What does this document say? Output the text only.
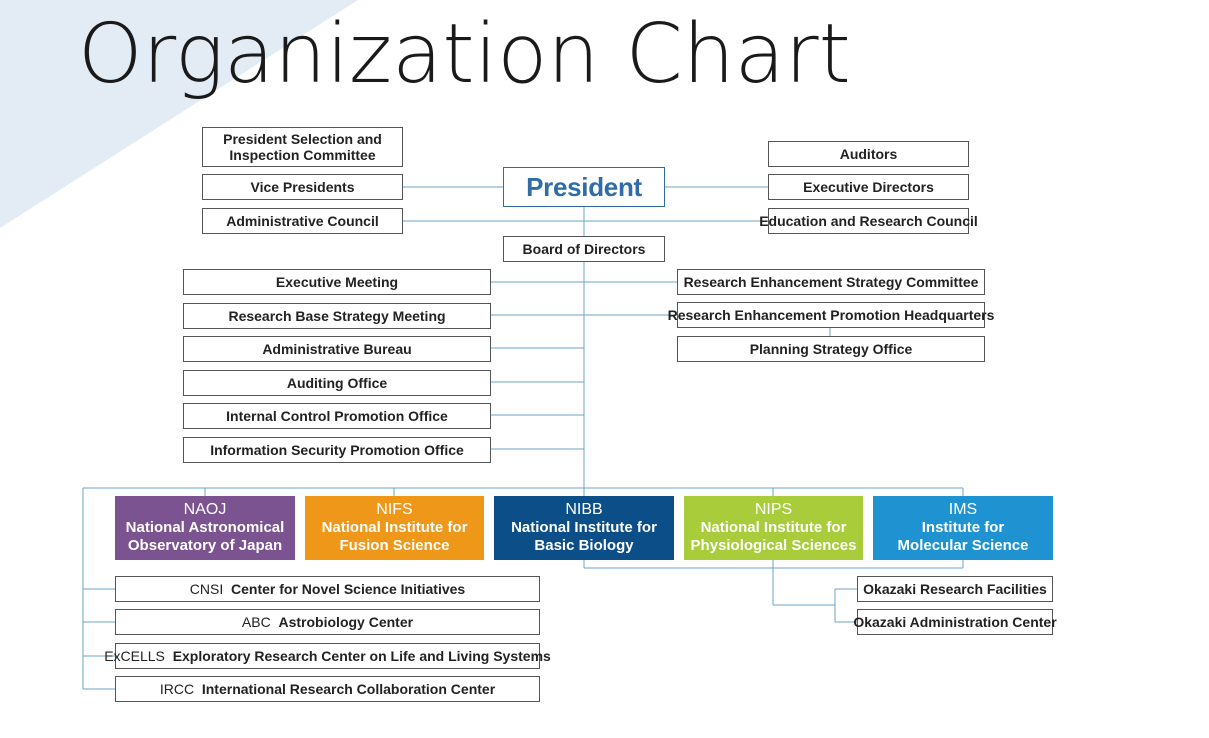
Organization Chart
President Selection and
Inspection Committee
Vice Presidents
Administrative Council
President
Auditors
Executive Directors
Education and Research Council
Board of Directors
Executive Meeting
Research Base Strategy Meeting
Administrative Bureau
Auditing Office
Internal Control Promotion Office
Information Security Promotion Office
Research Enhancement Strategy Committee
Research Enhancement Promotion Headquarters
Planning Strategy Office
NAOJ
National Astronomical
Observatory of Japan
NIFS
National Institute for
Fusion Science
NIBB
National Institute for
Basic Biology
NIPS
National Institute for
Physiological Sciences
IMS
Institute for
Molecular Science
CNSI
Center for Novel Science Initiatives
ABC
Astrobiology Center
ExCELLS
Exploratory Research Center on Life and Living Systems
IRCC
International Research Collaboration Center
Okazaki Research Facilities
Okazaki Administration Center
